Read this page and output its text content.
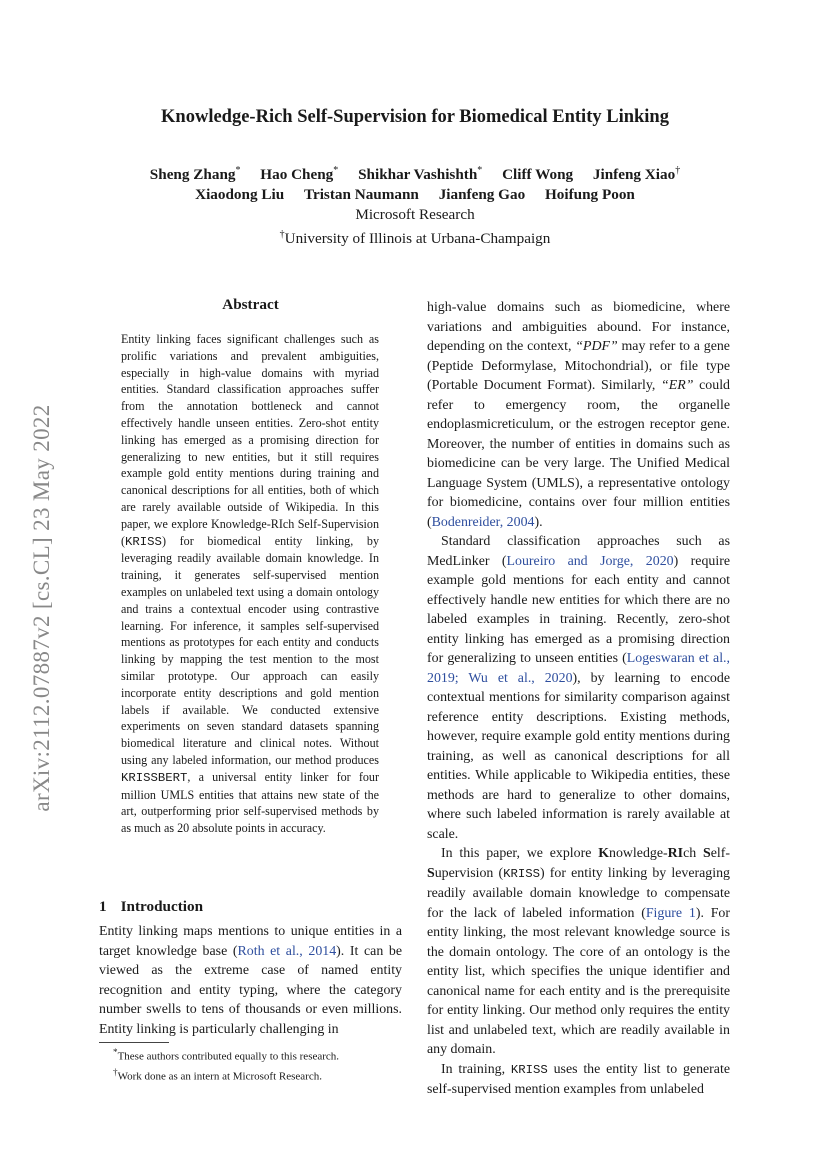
arXiv:2112.07887v2 [cs.CL] 23 May 2022
Knowledge-Rich Self-Supervision for Biomedical Entity Linking
Sheng Zhang* Hao Cheng* Shikhar Vashishth* Cliff Wong Jinfeng Xiao†
Xiaodong Liu Tristan Naumann Jianfeng Gao Hoifung Poon
Microsoft Research
†University of Illinois at Urbana-Champaign
Abstract
Entity linking faces significant challenges such as prolific variations and prevalent ambiguities, especially in high-value domains with myriad entities. Standard classification approaches suffer from the annotation bottleneck and cannot effectively handle unseen entities. Zero-shot entity linking has emerged as a promising direction for generalizing to new entities, but it still requires example gold entity mentions during training and canonical descriptions for all entities, both of which are rarely available outside of Wikipedia. In this paper, we explore Knowledge-RIch Self-Supervision (KRISS) for biomedical entity linking, by leveraging readily available domain knowledge. In training, it generates self-supervised mention examples on unlabeled text using a domain ontology and trains a contextual encoder using contrastive learning. For inference, it samples self-supervised mentions as prototypes for each entity and conducts linking by mapping the test mention to the most similar prototype. Our approach can easily incorporate entity descriptions and gold mention labels if available. We conducted extensive experiments on seven standard datasets spanning biomedical literature and clinical notes. Without using any labeled information, our method produces KRISSBERT, a universal entity linker for four million UMLS entities that attains new state of the art, outperforming prior self-supervised methods by as much as 20 absolute points in accuracy.
1 Introduction
Entity linking maps mentions to unique entities in a target knowledge base (Roth et al., 2014). It can be viewed as the extreme case of named entity recognition and entity typing, where the category number swells to tens of thousands or even millions. Entity linking is particularly challenging in

*These authors contributed equally to this research.

†Work done as an intern at Microsoft Research.

high-value domains such as biomedicine, where variations and ambiguities abound. For instance, depending on the context, “PDF” may refer to a gene (Peptide Deformylase, Mitochondrial), or file type (Portable Document Format). Similarly, “ER” could refer to emergency room, the organelle endoplasmicreticulum, or the estrogen receptor gene. Moreover, the number of entities in domains such as biomedicine can be very large. The Unified Medical Language System (UMLS), a representative ontology for biomedicine, contains over four million entities (Bodenreider, 2004).

Standard classification approaches such as MedLinker (Loureiro and Jorge, 2020) require example gold mentions for each entity and cannot effectively handle new entities for which there are no labeled examples in training. Recently, zero-shot entity linking has emerged as a promising direction for generalizing to unseen entities (Logeswaran et al., 2019; Wu et al., 2020), by learning to encode contextual mentions for similarity comparison against reference entity descriptions. Existing methods, however, require example gold entity mentions during training, as well as canonical descriptions for all entities. While applicable to Wikipedia entities, these methods are hard to generalize to other domains, where such labeled information is rarely available at scale.

In this paper, we explore Knowledge-RIch Self-Supervision (KRISS) for entity linking by leveraging readily available domain knowledge to compensate for the lack of labeled information (Figure 1). For entity linking, the most relevant knowledge source is the domain ontology. The core of an ontology is the entity list, which specifies the unique identifier and canonical name for each entity and is the prerequisite for entity linking. Our method only requires the entity list and unlabeled text, which are readily available in any domain.

In training, KRISS uses the entity list to generate self-supervised mention examples from unlabeled
